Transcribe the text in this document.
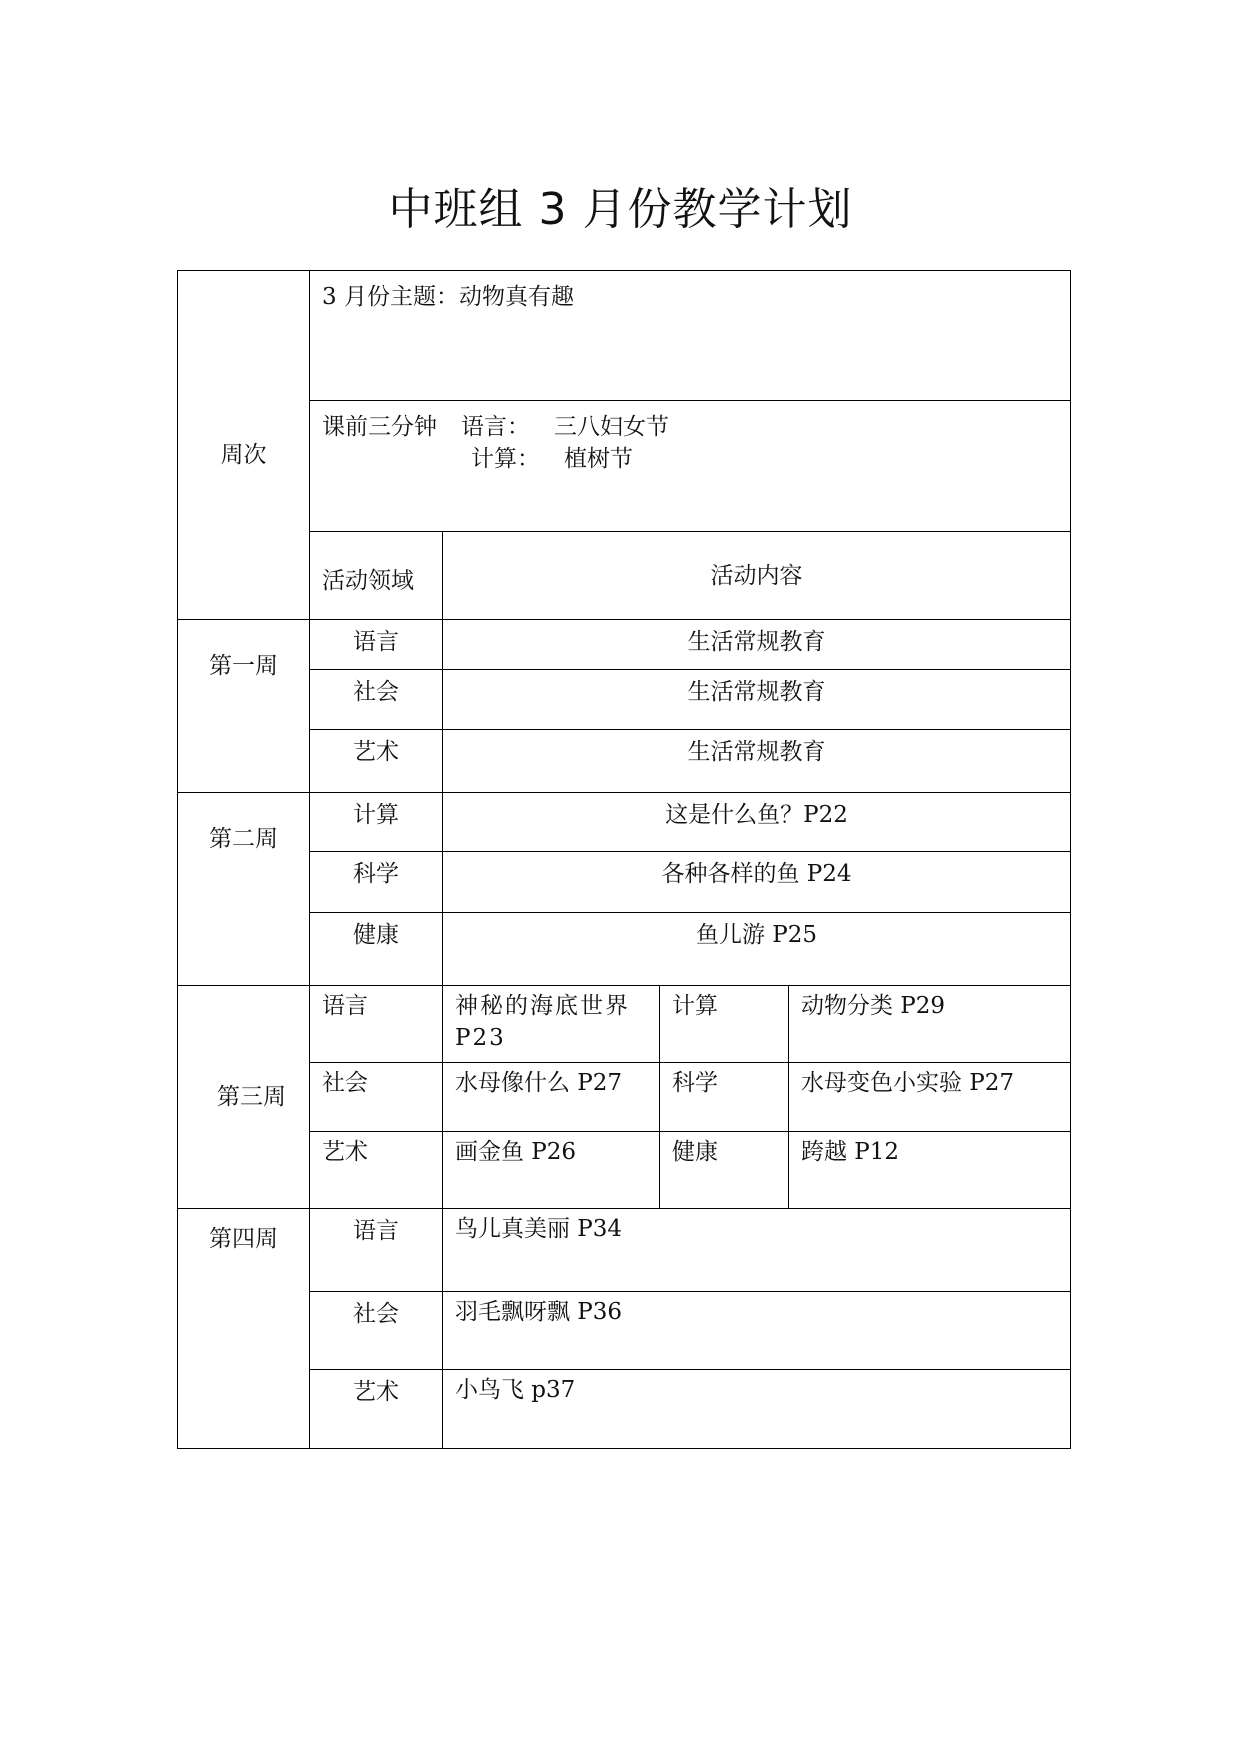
中班组 3 月份教学计划
周次	3 月份主题：动物真有趣			

	课前三分钟 语言： 三八妇女节
计算： 植树节			

	活动领域	活动内容		

第一周	语言	生活常规教育		
	社会	生活常规教育		
	艺术	生活常规教育		

第二周	计算	这是什么鱼？P22		
	科学	各种各样的鱼 P24		
	健康	鱼儿游 P25		
第三周	语言	神秘的海底世界 P23	计算	动物分类 P29
	社会	水母像什么 P27	科学	水母变色小实验 P27
	艺术	画金鱼 P26	健康	跨越 P12

第四周	语言	鸟儿真美丽 P34		
	社会	羽毛飘呀飘 P36		
	艺术	小鸟飞 p37		
